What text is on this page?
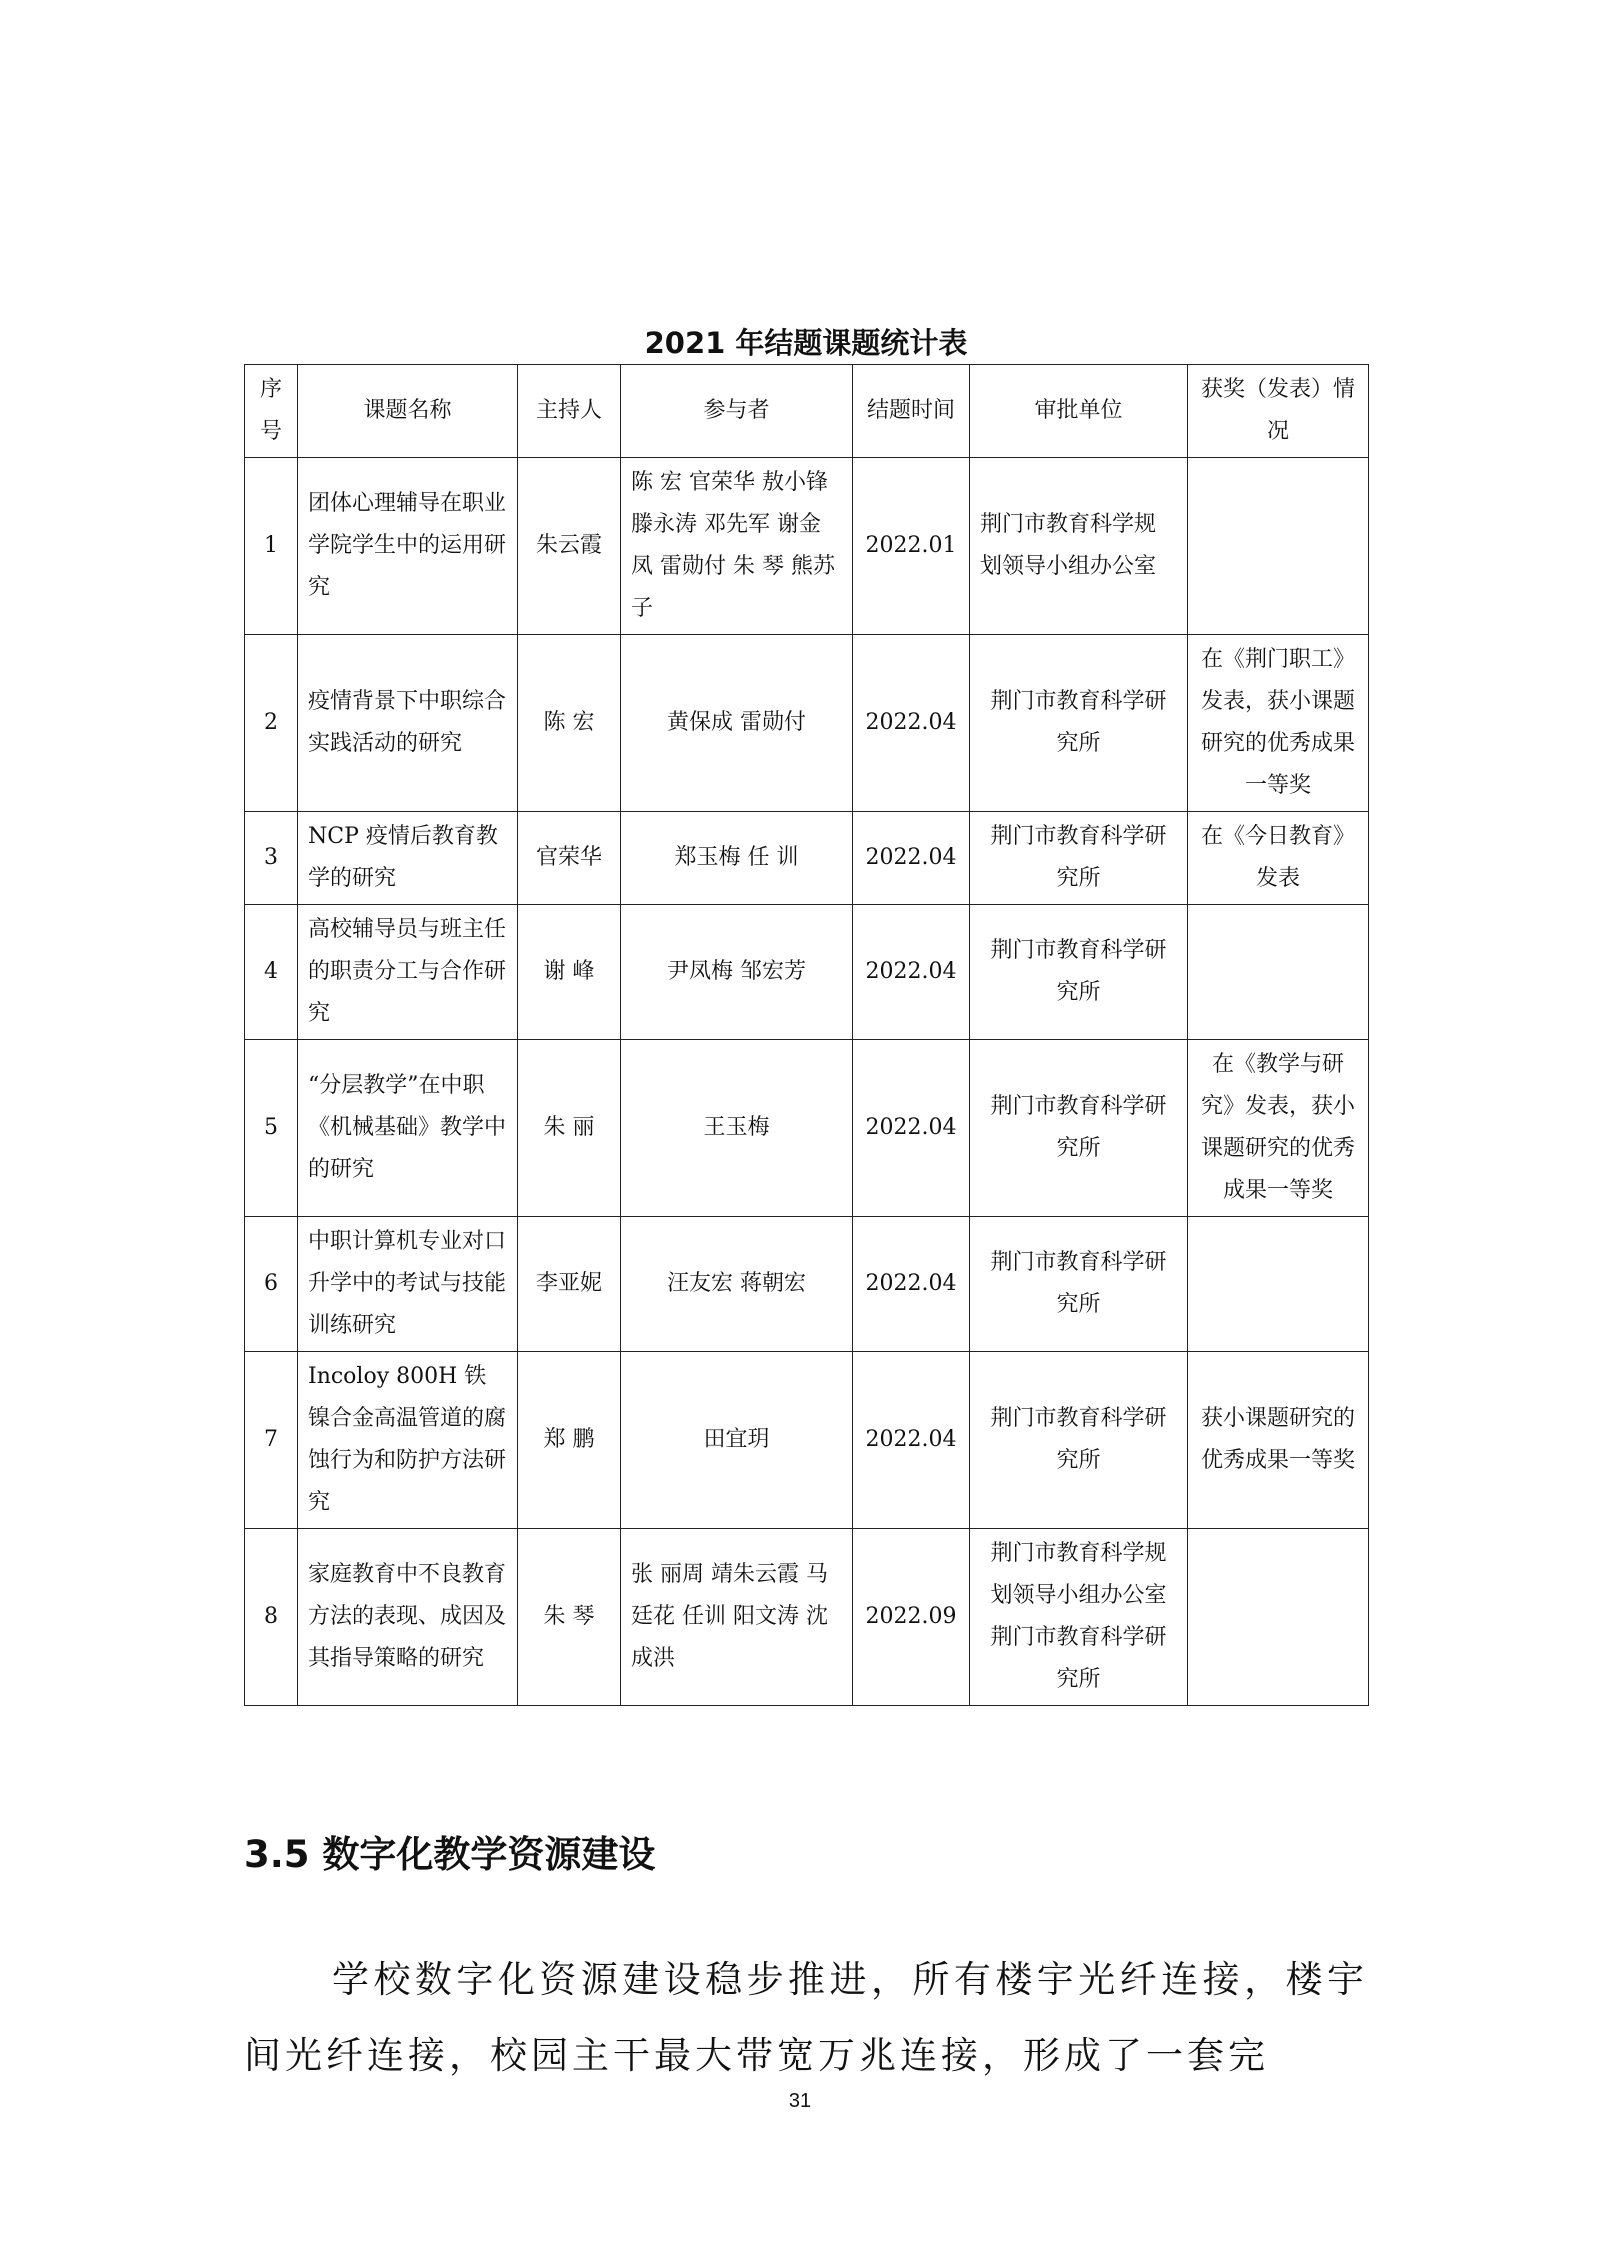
2021 年结题课题统计表
序号	课题名称	主持人	参与者	结题时间	审批单位	获奖（发表）情况
1	团体心理辅导在职业学院学生中的运用研究	朱云霞	陈 宏 官荣华 敖小锋 滕永涛 邓先军 谢金凤 雷勋付 朱 琴 熊苏子	2022.01	荆门市教育科学规划领导小组办公室	
2	疫情背景下中职综合实践活动的研究	陈 宏	黄保成 雷勋付	2022.04	荆门市教育科学研究所	在《荆门职工》发表，获小课题研究的优秀成果一等奖
3	NCP 疫情后教育教学的研究	官荣华	郑玉梅 任 训	2022.04	荆门市教育科学研究所	在《今日教育》发表
4	高校辅导员与班主任的职责分工与合作研究	谢 峰	尹凤梅 邹宏芳	2022.04	荆门市教育科学研究所	
5	“分层教学”在中职《机械基础》教学中的研究	朱 丽	王玉梅	2022.04	荆门市教育科学研究所	在《教学与研究》发表，获小课题研究的优秀成果一等奖
6	中职计算机专业对口升学中的考试与技能训练研究	李亚妮	汪友宏 蒋朝宏	2022.04	荆门市教育科学研究所	
7	Incoloy 800H 铁镍合金高温管道的腐蚀行为和防护方法研究	郑 鹏	田宜玥	2022.04	荆门市教育科学研究所	获小课题研究的优秀成果一等奖
8	家庭教育中不良教育方法的表现、成因及其指导策略的研究	朱 琴	张 丽周 靖朱云霞 马廷花 任训 阳文涛 沈成洪	2022.09	荆门市教育科学规划领导小组办公室 荆门市教育科学研究所	
3.5 数字化教学资源建设
学校数字化资源建设稳步推进，所有楼宇光纤连接，楼宇间光纤连接，校园主干最大带宽万兆连接，形成了一套完
31
